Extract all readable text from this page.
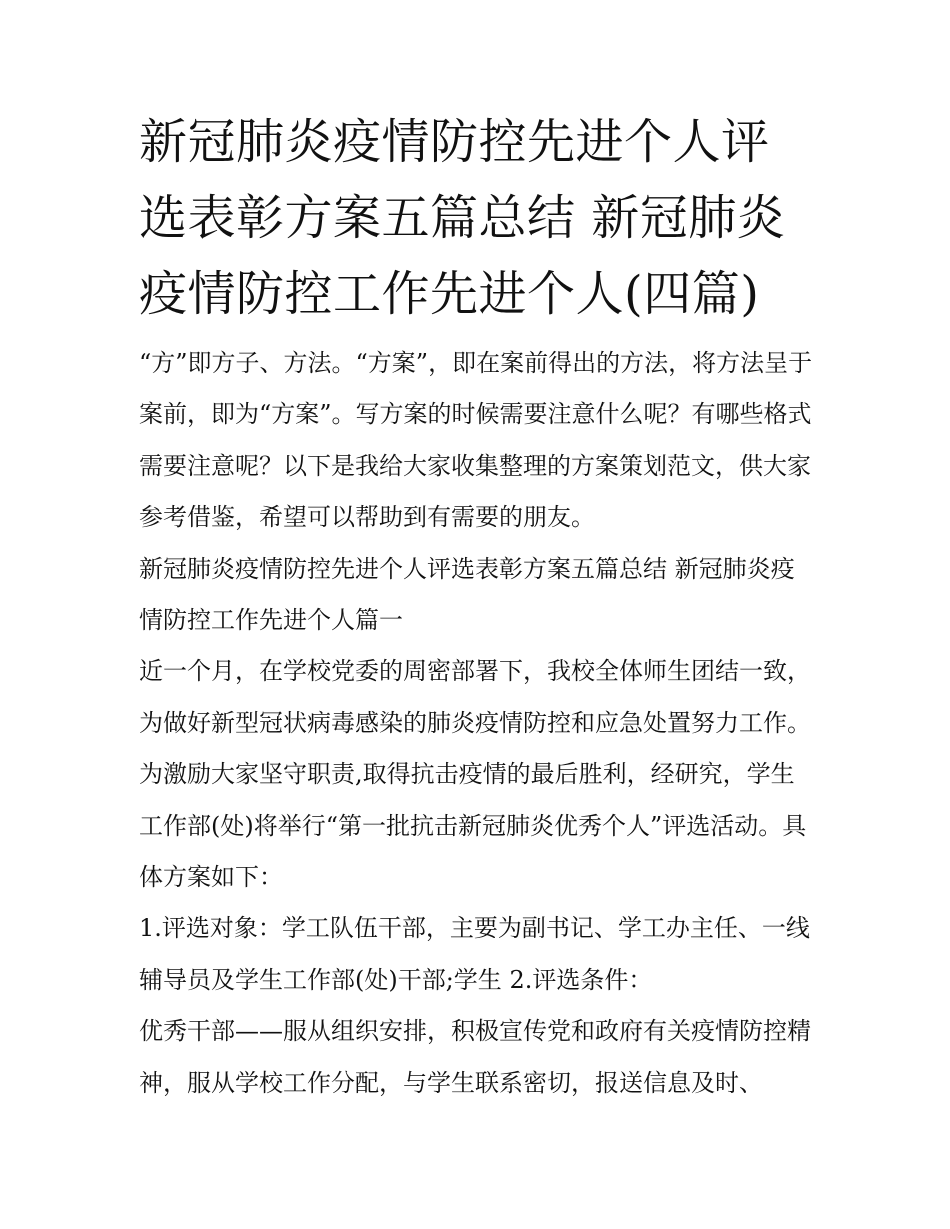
新冠肺炎疫情防控先进个人评选表彰方案五篇总结 新冠肺炎疫情防控工作先进个人(四篇)

“方”即方子、方法。“方案”，即在案前得出的方法，将方法呈于案前，即为“方案”。写方案的时候需要注意什么呢？有哪些格式需要注意呢？以下是我给大家收集整理的方案策划范文，供大家参考借鉴，希望可以帮助到有需要的朋友。

新冠肺炎疫情防控先进个人评选表彰方案五篇总结 新冠肺炎疫情防控工作先进个人篇一

近一个月，在学校党委的周密部署下，我校全体师生团结一致，为做好新型冠状病毒感染的肺炎疫情防控和应急处置努力工作。为激励大家坚守职责,取得抗击疫情的最后胜利，经研究，学生工作部(处)将举行“第一批抗击新冠肺炎优秀个人”评选活动。具体方案如下：

1.评选对象：学工队伍干部，主要为副书记、学工办主任、一线辅导员及学生工作部(处)干部;学生 2.评选条件：

优秀干部——服从组织安排，积极宣传党和政府有关疫情防控精神，服从学校工作分配，与学生联系密切，报送信息及时、
